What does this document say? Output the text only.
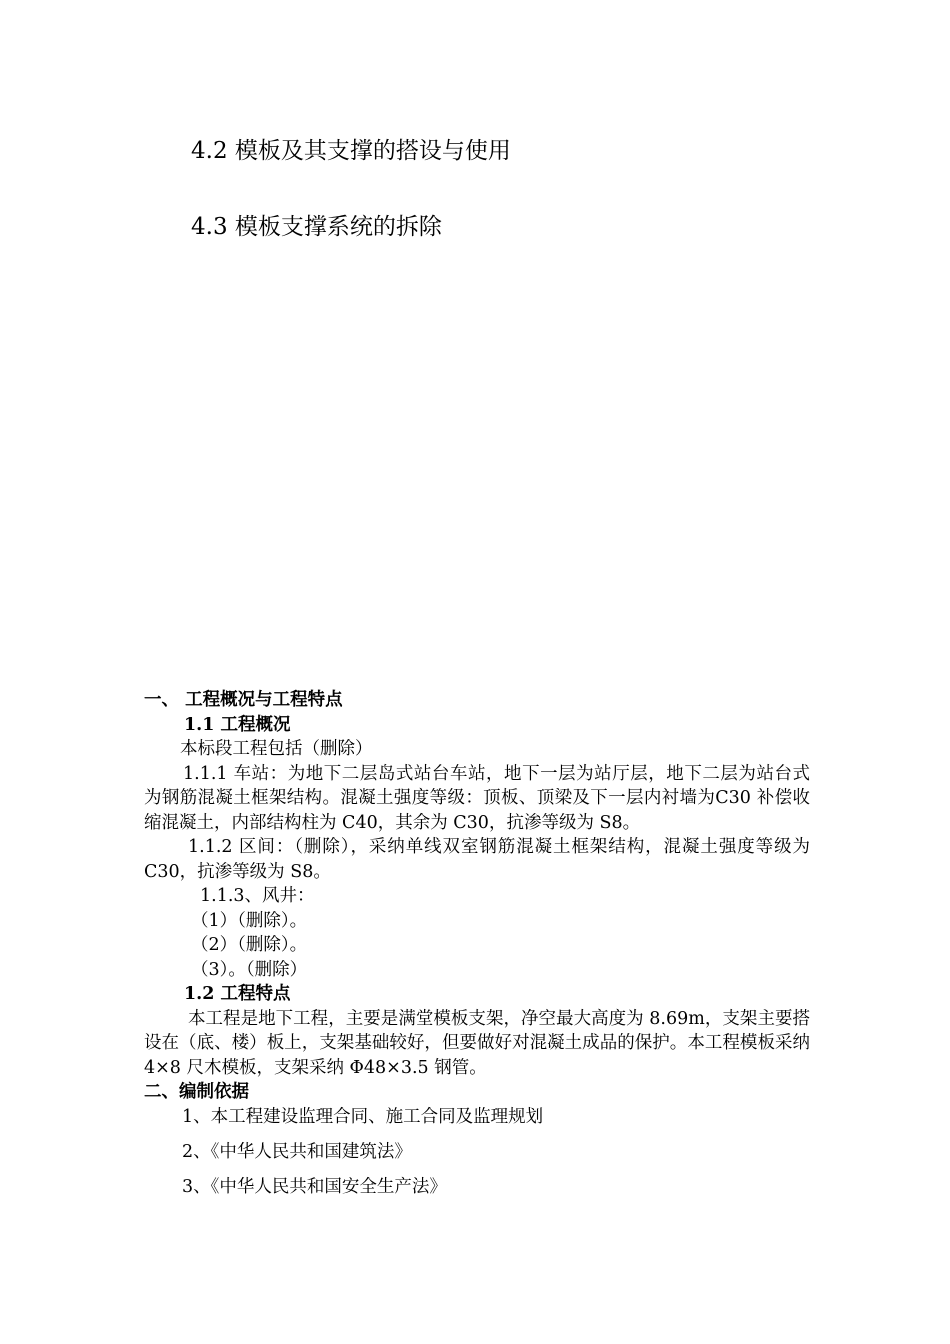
4.2 模板及其支撑的搭设与使用
4.3 模板支撑系统的拆除

一、 工程概况与工程特点

1.1 工程概况

本标段工程包括（删除）

1.1.1 车站：为地下二层岛式站台车站，地下一层为站厅层，地下二层为站台式为钢筋混凝土框架结构。混凝土强度等级：顶板、顶梁及下一层内衬墙为C30 补偿收缩混凝土，内部结构柱为 C40，其余为 C30，抗渗等级为 S8。

1.1.2 区间：（删除），采纳单线双室钢筋混凝土框架结构，混凝土强度等级为 C30，抗渗等级为 S8。

1.1.3、风井：

（1）（删除）。

（2）（删除）。

（3）。（删除）

1.2 工程特点

本工程是地下工程，主要是满堂模板支架，净空最大高度为 8.69m，支架主要搭设在（底、楼）板上，支架基础较好，但要做好对混凝土成品的保护。本工程模板采纳 4×8 尺木模板，支架采纳 Φ48×3.5 钢管。

二、编制依据

1、本工程建设监理合同、施工合同及监理规划

2、《中华人民共和国建筑法》

3、《中华人民共和国安全生产法》
